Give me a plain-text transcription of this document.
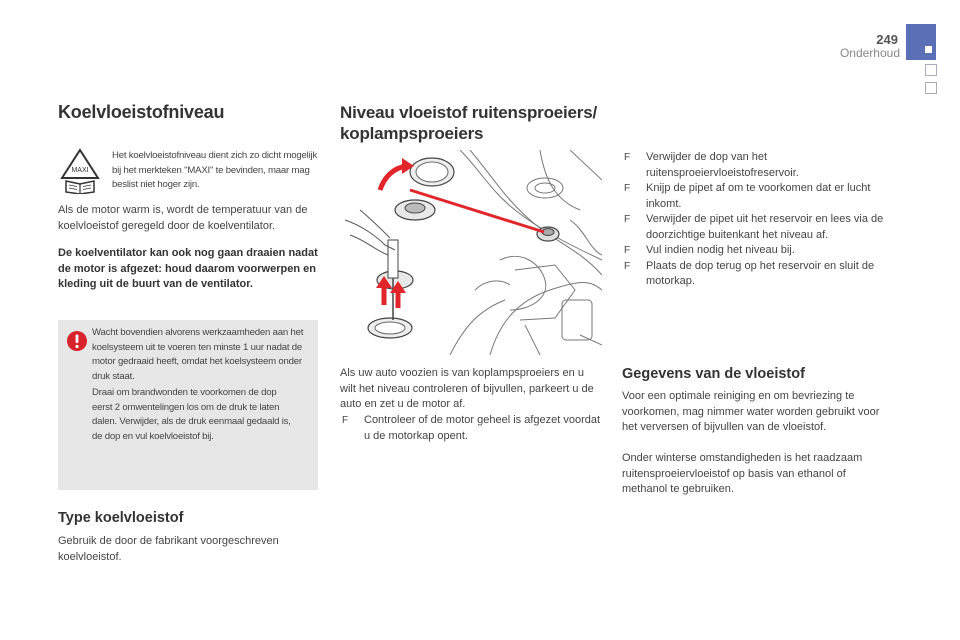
249
Onderhoud
Koelvloeistofniveau
MAXI

Het koelvloeistofniveau dient zich zo dicht mogelijk bij het merkteken "MAXI" te bevinden, maar mag beslist niet hoger zijn.

Als de motor warm is, wordt de temperatuur van de koelvloeistof geregeld door de koelventilator.

De koelventilator kan ook nog gaan draaien nadat de motor is afgezet: houd daarom voorwerpen en kleding uit de buurt van de ventilator.

Wacht bovendien alvorens werkzaamheden aan het koelsysteem uit te voeren ten minste 1 uur nadat de motor gedraaid heeft, omdat het koelsysteem onder druk staat.

Draai om brandwonden te voorkomen de dop eerst 2 omwentelingen los om de druk te laten dalen. Verwijder, als de druk eenmaal gedaald is, de dop en vul koelvloeistof bij.

Type koelvloeistof

Gebruik de door de fabrikant voorgeschreven koelvloeistof.

Niveau vloeistof ruitensproeiers/
koplampsproeiers

Als uw auto voozien is van koplampsproeiers en u wilt het niveau controleren of bijvullen, parkeert u de auto en zet u de motor af.

F Controleer of de motor geheel is afgezet voordat u de motorkap opent.
F Verwijder de dop van het ruitensproeiervloeistofreservoir.
F Knijp de pipet af om te voorkomen dat er lucht inkomt.
F Verwijder de pipet uit het reservoir en lees via de doorzichtige buitenkant het niveau af.
F Vul indien nodig het niveau bij.
F Plaats de dop terug op het reservoir en sluit de motorkap.
Gegevens van de vloeistof

Voor een optimale reiniging en om bevriezing te voorkomen, mag nimmer water worden gebruikt voor het verversen of bijvullen van de vloeistof.

Onder winterse omstandigheden is het raadzaam ruitensproeiervloeistof op basis van ethanol of methanol te gebruiken.
